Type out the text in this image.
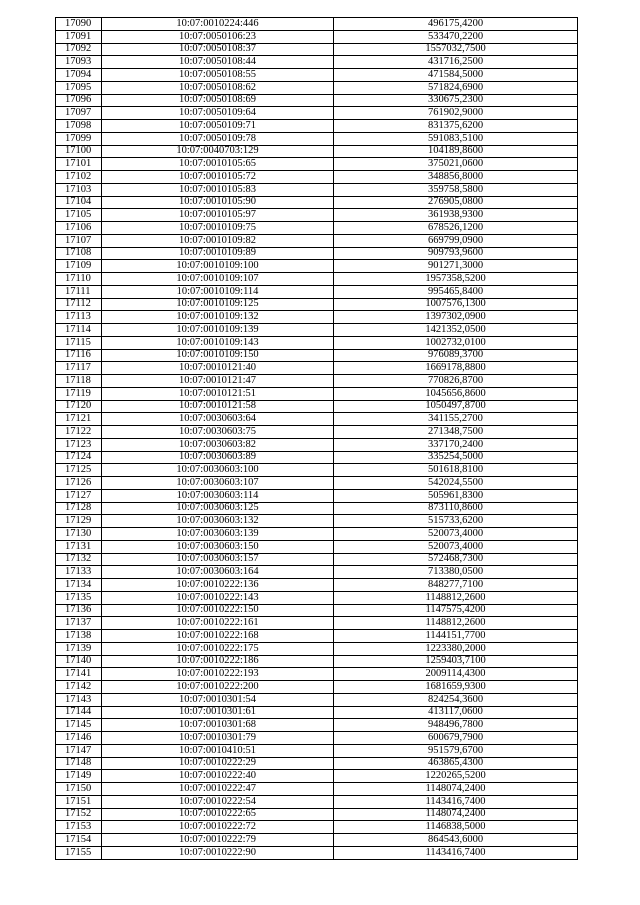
17090	10:07:0010224:446	496175,4200
17091	10:07:0050106:23	533470,2200
17092	10:07:0050108:37	1557032,7500
17093	10:07:0050108:44	431716,2500
17094	10:07:0050108:55	471584,5000
17095	10:07:0050108:62	571824,6900
17096	10:07:0050108:69	330675,2300
17097	10:07:0050109:64	761902,9000
17098	10:07:0050109:71	831375,6200
17099	10:07:0050109:78	591083,5100
17100	10:07:0040703:129	104189,8600
17101	10:07:0010105:65	375021,0600
17102	10:07:0010105:72	348856,8000
17103	10:07:0010105:83	359758,5800
17104	10:07:0010105:90	276905,0800
17105	10:07:0010105:97	361938,9300
17106	10:07:0010109:75	678526,1200
17107	10:07:0010109:82	669799,0900
17108	10:07:0010109:89	909793,9600
17109	10:07:0010109:100	901271,3000
17110	10:07:0010109:107	1957358,5200
17111	10:07:0010109:114	995465,8400
17112	10:07:0010109:125	1007576,1300
17113	10:07:0010109:132	1397302,0900
17114	10:07:0010109:139	1421352,0500
17115	10:07:0010109:143	1002732,0100
17116	10:07:0010109:150	976089,3700
17117	10:07:0010121:40	1669178,8800
17118	10:07:0010121:47	770826,8700
17119	10:07:0010121:51	1045656,8600
17120	10:07:0010121:58	1050497,8700
17121	10:07:0030603:64	341155,2700
17122	10:07:0030603:75	271348,7500
17123	10:07:0030603:82	337170,2400
17124	10:07:0030603:89	335254,5000
17125	10:07:0030603:100	501618,8100
17126	10:07:0030603:107	542024,5500
17127	10:07:0030603:114	505961,8300
17128	10:07:0030603:125	873110,8600
17129	10:07:0030603:132	515733,6200
17130	10:07:0030603:139	520073,4000
17131	10:07:0030603:150	520073,4000
17132	10:07:0030603:157	572468,7300
17133	10:07:0030603:164	713380,0500
17134	10:07:0010222:136	848277,7100
17135	10:07:0010222:143	1148812,2600
17136	10:07:0010222:150	1147575,4200
17137	10:07:0010222:161	1148812,2600
17138	10:07:0010222:168	1144151,7700
17139	10:07:0010222:175	1223380,2000
17140	10:07:0010222:186	1259403,7100
17141	10:07:0010222:193	2009114,4300
17142	10:07:0010222:200	1681659,9300
17143	10:07:0010301:54	824254,3600
17144	10:07:0010301:61	413117,0600
17145	10:07:0010301:68	948496,7800
17146	10:07:0010301:79	600679,7900
17147	10:07:0010410:51	951579,6700
17148	10:07:0010222:29	463865,4300
17149	10:07:0010222:40	1220265,5200
17150	10:07:0010222:47	1148074,2400
17151	10:07:0010222:54	1143416,7400
17152	10:07:0010222:65	1148074,2400
17153	10:07:0010222:72	1146838,5000
17154	10:07:0010222:79	864543,6000
17155	10:07:0010222:90	1143416,7400
